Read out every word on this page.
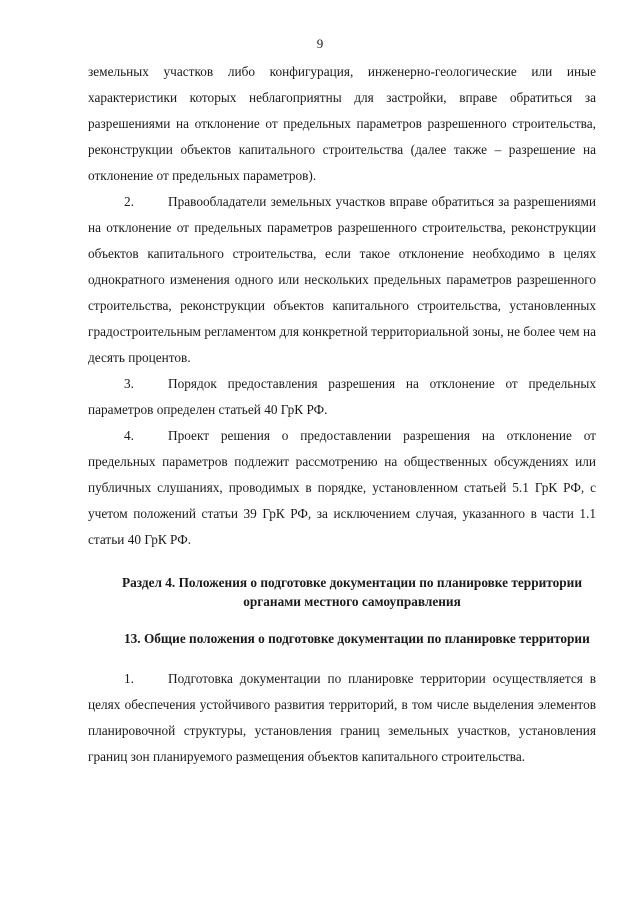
9

земельных участков либо конфигурация, инженерно-геологические или иные характеристики которых неблагоприятны для застройки, вправе обратиться за разрешениями на отклонение от предельных параметров разрешенного строительства, реконструкции объектов капитального строительства (далее также – разрешение на отклонение от предельных параметров).

2.	Правообладатели земельных участков вправе обратиться за разрешениями на отклонение от предельных параметров разрешенного строительства, реконструкции объектов капитального строительства, если такое отклонение необходимо в целях однократного изменения одного или нескольких предельных параметров разрешенного строительства, реконструкции объектов капитального строительства, установленных градостроительным регламентом для конкретной территориальной зоны, не более чем на десять процентов.

3.	Порядок предоставления разрешения на отклонение от предельных параметров определен статьей 40 ГрК РФ.

4.	Проект решения о предоставлении разрешения на отклонение от предельных параметров подлежит рассмотрению на общественных обсуждениях или публичных слушаниях, проводимых в порядке, установленном статьей 5.1 ГрК РФ, с учетом положений статьи 39 ГрК РФ, за исключением случая, указанного в части 1.1 статьи 40 ГрК РФ.

Раздел 4. Положения о подготовке документации по планировке территории органами местного самоуправления

13. Общие положения о подготовке документации по планировке территории

1.	Подготовка документации по планировке территории осуществляется в целях обеспечения устойчивого развития территорий, в том числе выделения элементов планировочной структуры, установления границ земельных участков, установления границ зон планируемого размещения объектов капитального строительства.
